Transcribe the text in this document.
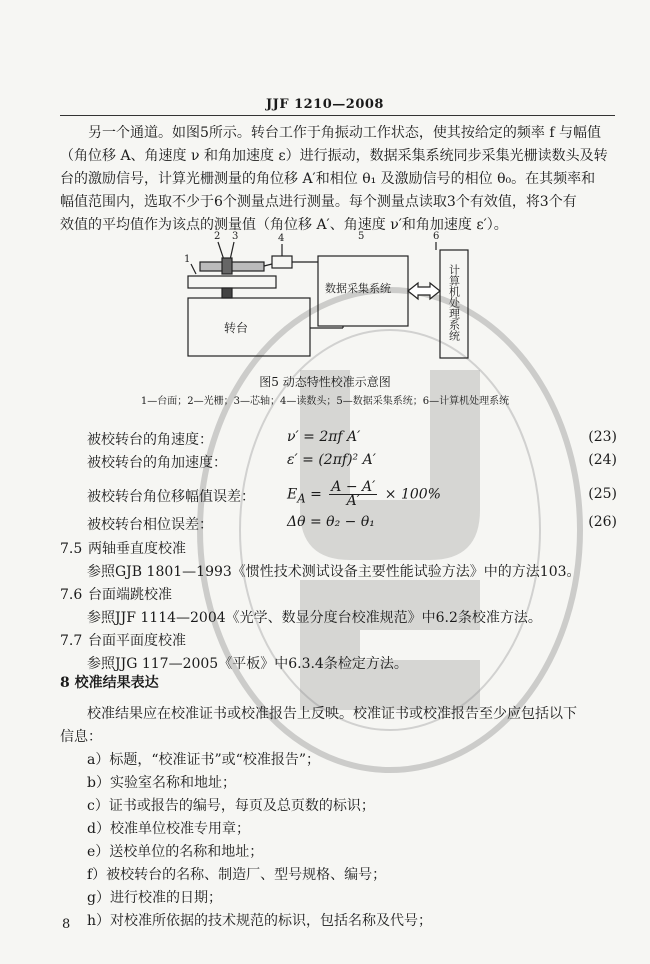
JJF 1210—2008
另一个通道。如图5所示。转台工作于角振动工作状态，使其按给定的频率 f 与幅值
（角位移 A、角速度 ν 和角加速度 ε）进行振动，数据采集系统同步采集光栅读数头及转
台的激励信号，计算光栅测量的角位移 A′和相位 θ₁ 及激励信号的相位 θ₀。在其频率和
幅值范围内，选取不少于6个测量点进行测量。每个测量点读取3个有效值，将3个有
效值的平均值作为该点的测量值（角位移 A′、角速度 ν′和角加速度 ε′）。
2 3	4	5	6
1
转台
数据采集系统	计算机处理系统
图5 动态特性校准示意图
1—台面；2—光栅；3—芯轴；4—读数头；5—数据采集系统；6—计算机处理系统
被校转台的角速度：	ν′ = 2πf A′	(23)
被校转台的角加速度：	ε′ = (2πf)² A′	(24)
被校转台角位移幅值误差： $E_A = \frac{A - A'}{A'} \times 100\%$	(25)
被校转台相位误差：	Δθ = θ₂ − θ₁	(26)
7.5 两轴垂直度校准
参照GJB 1801—1993《惯性技术测试设备主要性能试验方法》中的方法103。
7.6 台面端跳校准
参照JJF 1114—2004《光学、数显分度台校准规范》中6.2条校准方法。
7.7 台面平面度校准
参照JJG 117—2005《平板》中6.3.4条检定方法。
8 校准结果表达
校准结果应在校准证书或校准报告上反映。校准证书或校准报告至少应包括以下
信息：
a）标题，“校准证书”或“校准报告”；
b）实验室名称和地址；
c）证书或报告的编号，每页及总页数的标识；
d）校准单位校准专用章；
e）送校单位的名称和地址；
f）被校转台的名称、制造厂、型号规格、编号；
g）进行校准的日期；
h）对校准所依据的技术规范的标识，包括名称及代号；
8
